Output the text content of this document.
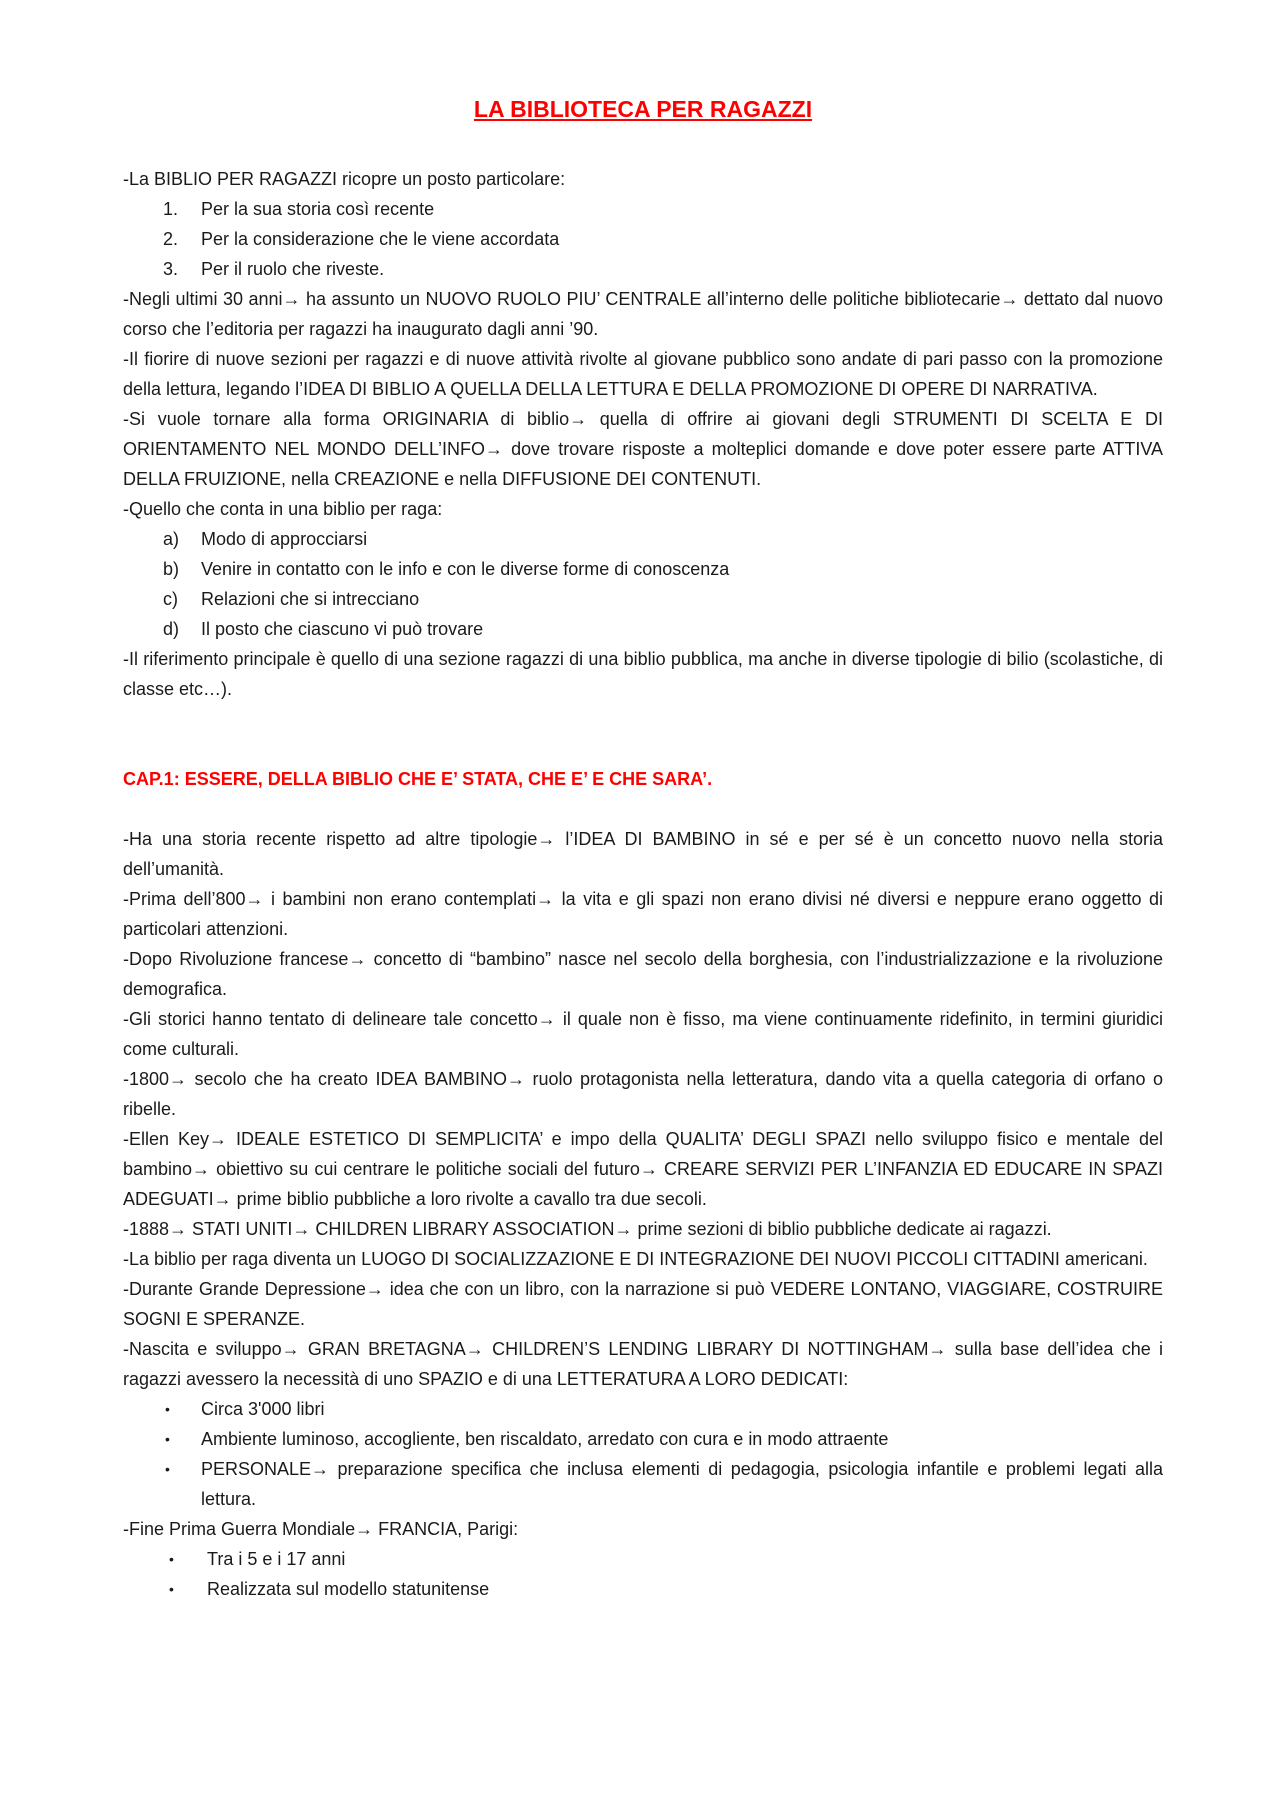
LA BIBLIOTECA PER RAGAZZI

-La BIBLIO PER RAGAZZI ricopre un posto particolare:

1.	Per la sua storia così recente
2.	Per la considerazione che le viene accordata
3.	Per il ruolo che riveste.

-Negli ultimi 30 anni→ ha assunto un NUOVO RUOLO PIU’ CENTRALE all’interno delle politiche bibliotecarie→ dettato dal nuovo corso che l’editoria per ragazzi ha inaugurato dagli anni ’90.

-Il fiorire di nuove sezioni per ragazzi e di nuove attività rivolte al giovane pubblico sono andate di pari passo con la promozione della lettura, legando l’IDEA DI BIBLIO A QUELLA DELLA LETTURA E DELLA PROMOZIONE DI OPERE DI NARRATIVA.

-Si vuole tornare alla forma ORIGINARIA di biblio→ quella di offrire ai giovani degli STRUMENTI DI SCELTA E DI ORIENTAMENTO NEL MONDO DELL’INFO→ dove trovare risposte a molteplici domande e dove poter essere parte ATTIVA DELLA FRUIZIONE, nella CREAZIONE e nella DIFFUSIONE DEI CONTENUTI.

-Quello che conta in una biblio per raga:

a)	Modo di approcciarsi
b)	Venire in contatto con le info e con le diverse forme di conoscenza
c)	Relazioni che si intrecciano
d)	Il posto che ciascuno vi può trovare

-Il riferimento principale è quello di una sezione ragazzi di una biblio pubblica, ma anche in diverse tipologie di bilio (scolastiche, di classe etc…).

CAP.1: ESSERE, DELLA BIBLIO CHE E’ STATA, CHE E’ E CHE SARA’.

-Ha una storia recente rispetto ad altre tipologie→ l’IDEA DI BAMBINO in sé e per sé è un concetto nuovo nella storia dell’umanità.

-Prima dell’800→ i bambini non erano contemplati→ la vita e gli spazi non erano divisi né diversi e neppure erano oggetto di particolari attenzioni.

-Dopo Rivoluzione francese→ concetto di “bambino” nasce nel secolo della borghesia, con l’industrializzazione e la rivoluzione demografica.

-Gli storici hanno tentato di delineare tale concetto→ il quale non è fisso, ma viene continuamente ridefinito, in termini giuridici come culturali.

-1800→ secolo che ha creato IDEA BAMBINO→ ruolo protagonista nella letteratura, dando vita a quella categoria di orfano o ribelle.

-Ellen Key→ IDEALE ESTETICO DI SEMPLICITA’ e impo della QUALITA’ DEGLI SPAZI nello sviluppo fisico e mentale del bambino→ obiettivo su cui centrare le politiche sociali del futuro→ CREARE SERVIZI PER L’INFANZIA ED EDUCARE IN SPAZI ADEGUATI→ prime biblio pubbliche a loro rivolte a cavallo tra due secoli.

-1888→ STATI UNITI→ CHILDREN LIBRARY ASSOCIATION→ prime sezioni di biblio pubbliche dedicate ai ragazzi.

-La biblio per raga diventa un LUOGO DI SOCIALIZZAZIONE E DI INTEGRAZIONE DEI NUOVI PICCOLI CITTADINI americani.

-Durante Grande Depressione→ idea che con un libro, con la narrazione si può VEDERE LONTANO, VIAGGIARE, COSTRUIRE SOGNI E SPERANZE.

-Nascita e sviluppo→ GRAN BRETAGNA→ CHILDREN’S LENDING LIBRARY DI NOTTINGHAM→ sulla base dell’idea che i ragazzi avessero la necessità di uno SPAZIO e di una LETTERATURA A LORO DEDICATI:

•	Circa 3'000 libri
•	Ambiente luminoso, accogliente, ben riscaldato, arredato con cura e in modo attraente
•	PERSONALE→ preparazione specifica che inclusa elementi di pedagogia, psicologia infantile e problemi legati alla lettura.

-Fine Prima Guerra Mondiale→ FRANCIA, Parigi:

•	Tra i 5 e i 17 anni
•	Realizzata sul modello statunitense
